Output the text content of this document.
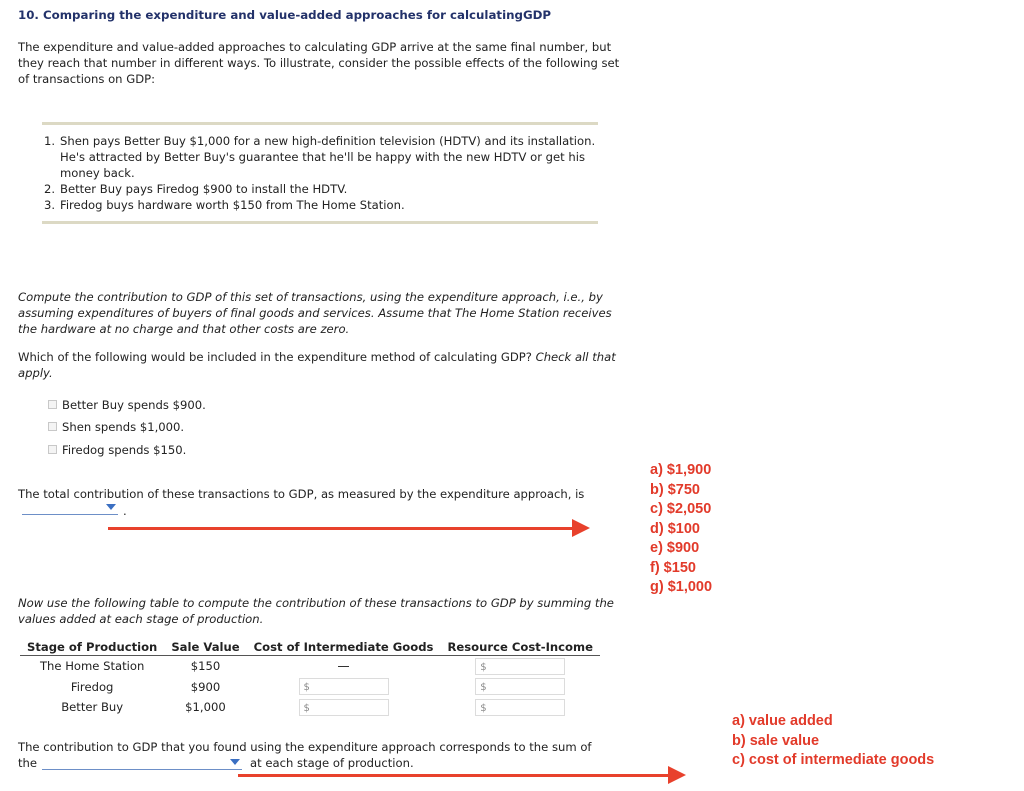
10. Comparing the expenditure and value-added approaches for calculatingGDP
The expenditure and value-added approaches to calculating GDP arrive at the same final number, but they reach that number in different ways. To illustrate, consider the possible effects of the following set of transactions on GDP:
1. Shen pays Better Buy $1,000 for a new high-definition television (HDTV) and its installation. He's attracted by Better Buy's guarantee that he'll be happy with the new HDTV or get his money back.
2. Better Buy pays Firedog $900 to install the HDTV.
3. Firedog buys hardware worth $150 from The Home Station.
Compute the contribution to GDP of this set of transactions, using the expenditure approach, i.e., by assuming expenditures of buyers of final goods and services. Assume that The Home Station receives the hardware at no charge and that other costs are zero.
Which of the following would be included in the expenditure method of calculating GDP? Check all that apply.
Better Buy spends $900.
Shen spends $1,000.
Firedog spends $150.
The total contribution of these transactions to GDP, as measured by the expenditure approach, is
.
a) $1,900
b) $750
c) $2,050
d) $100
e) $900
f) $150
g) $1,000
Now use the following table to compute the contribution of these transactions to GDP by summing the values added at each stage of production.
Stage of Production	Sale Value	Cost of Intermediate Goods	Resource Cost-Income
The Home Station	$150		$
Firedog	$900	$	$
Better Buy	$1,000	$	$
The contribution to GDP that you found using the expenditure approach corresponds to the sum of
the	at each stage of production.
a) value added
b) sale value
c) cost of intermediate goods
